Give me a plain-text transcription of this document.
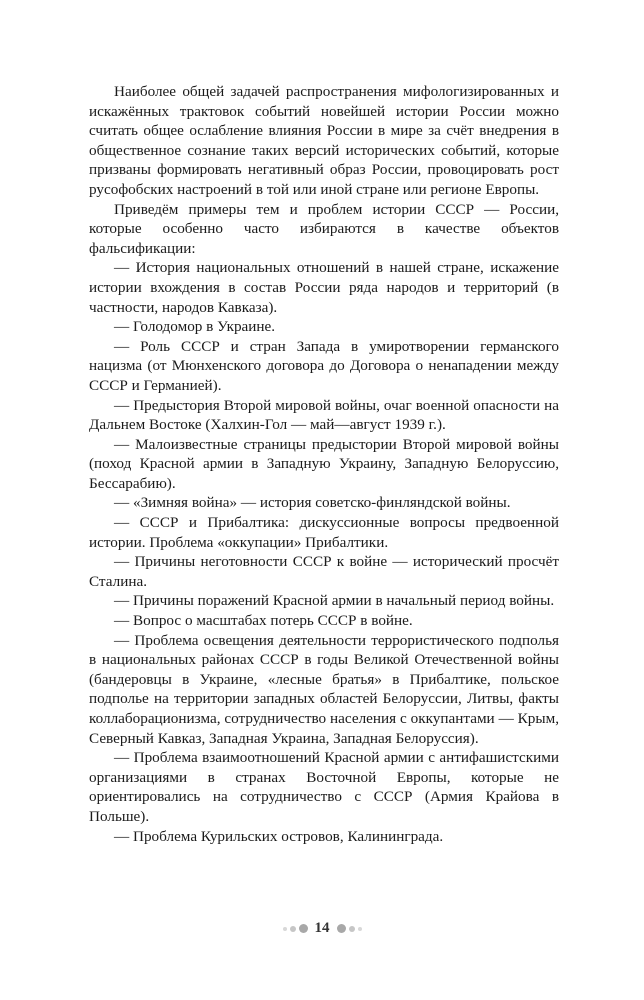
Наиболее общей задачей распространения мифологизированных и искажённых трактовок событий новейшей истории России можно считать общее ослабление влияния России в мире за счёт внедрения в общественное сознание таких версий исторических событий, которые призваны формировать негативный образ России, провоцировать рост русофобских настроений в той или иной стране или регионе Европы.

Приведём примеры тем и проблем истории СССР — России, которые особенно часто избираются в качестве объектов фальсификации:

— История национальных отношений в нашей стране, искажение истории вхождения в состав России ряда народов и территорий (в частности, народов Кавказа).

— Голодомор в Украине.

— Роль СССР и стран Запада в умиротворении германского нацизма (от Мюнхенского договора до Договора о ненападении между СССР и Германией).

— Предыстория Второй мировой войны, очаг военной опасности на Дальнем Востоке (Халхин-Гол — май—август 1939 г.).

— Малоизвестные страницы предыстории Второй мировой войны (поход Красной армии в Западную Украину, Западную Белоруссию, Бессарабию).

— «Зимняя война» — история советско-финляндской войны.

— СССР и Прибалтика: дискуссионные вопросы предвоенной истории. Проблема «оккупации» Прибалтики.

— Причины неготовности СССР к войне — исторический просчёт Сталина.

— Причины поражений Красной армии в начальный период войны.

— Вопрос о масштабах потерь СССР в войне.

— Проблема освещения деятельности террористического подполья в национальных районах СССР в годы Великой Отечественной войны (бандеровцы в Украине, «лесные братья» в Прибалтике, польское подполье на территории западных областей Белоруссии, Литвы, факты коллаборационизма, сотрудничество населения с оккупантами — Крым, Северный Кавказ, Западная Украина, Западная Белоруссия).

— Проблема взаимоотношений Красной армии с антифашистскими организациями в странах Восточной Европы, которые не ориентировались на сотрудничество с СССР (Армия Крайова в Польше).

— Проблема Курильских островов, Калининграда.

14
